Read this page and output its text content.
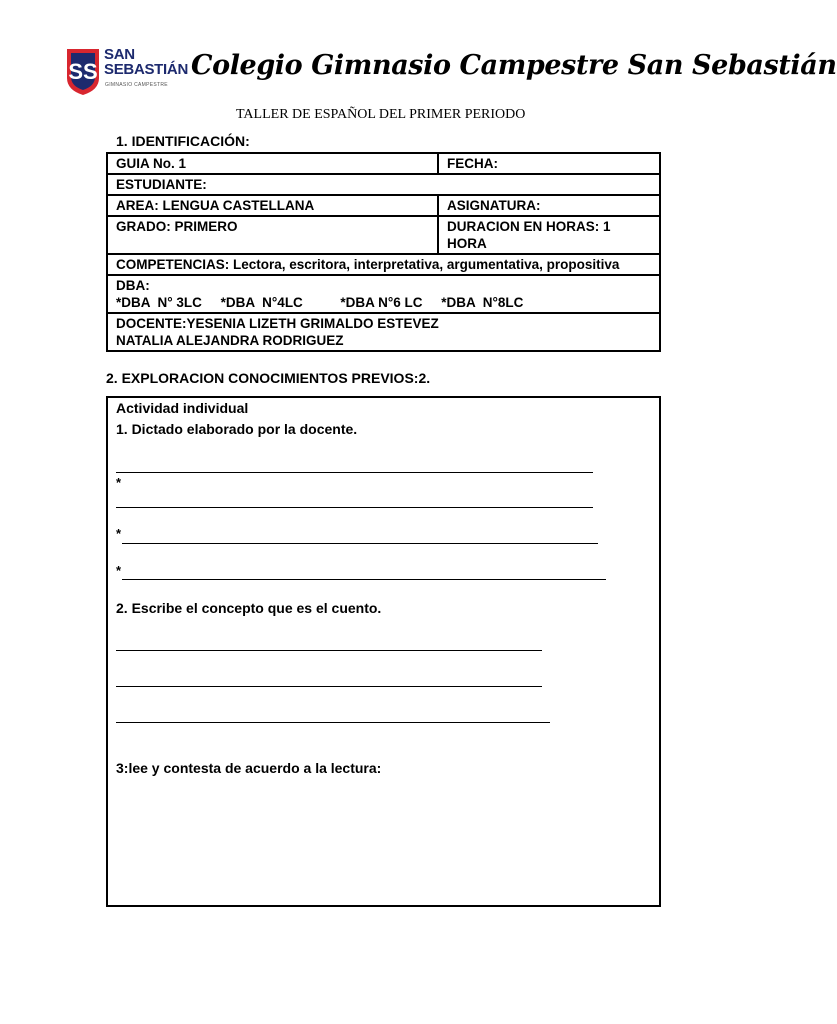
SS
SAN
SEBASTIÁN
GIMNASIO CAMPESTRE
Colegio Gimnasio Campestre San Sebastián
TALLER DE ESPAÑOL DEL PRIMER PERIODO
1. IDENTIFICACIÓN:
GUIA No. 1	FECHA:
ESTUDIANTE:	
AREA: LENGUA CASTELLANA	ASIGNATURA:
GRADO: PRIMERO	DURACION EN HORAS: 1 HORA
COMPETENCIAS: Lectora, escritora, interpretativa, argumentativa, propositiva	

DBA:
*DBA  N° 3LC     *DBA  N°4LC          *DBA N°6 LC     *DBA  N°8LC	

DOCENTE:YESENIA LIZETH GRIMALDO ESTEVEZ
NATALIA ALEJANDRA RODRIGUEZ	
2. EXPLORACION CONOCIMIENTOS PREVIOS:2.
Actividad individual
1. Dictado elaborado por la docente.
*
*
*
2. Escribe el concepto que es el cuento.
3:lee y contesta de acuerdo a la lectura:
